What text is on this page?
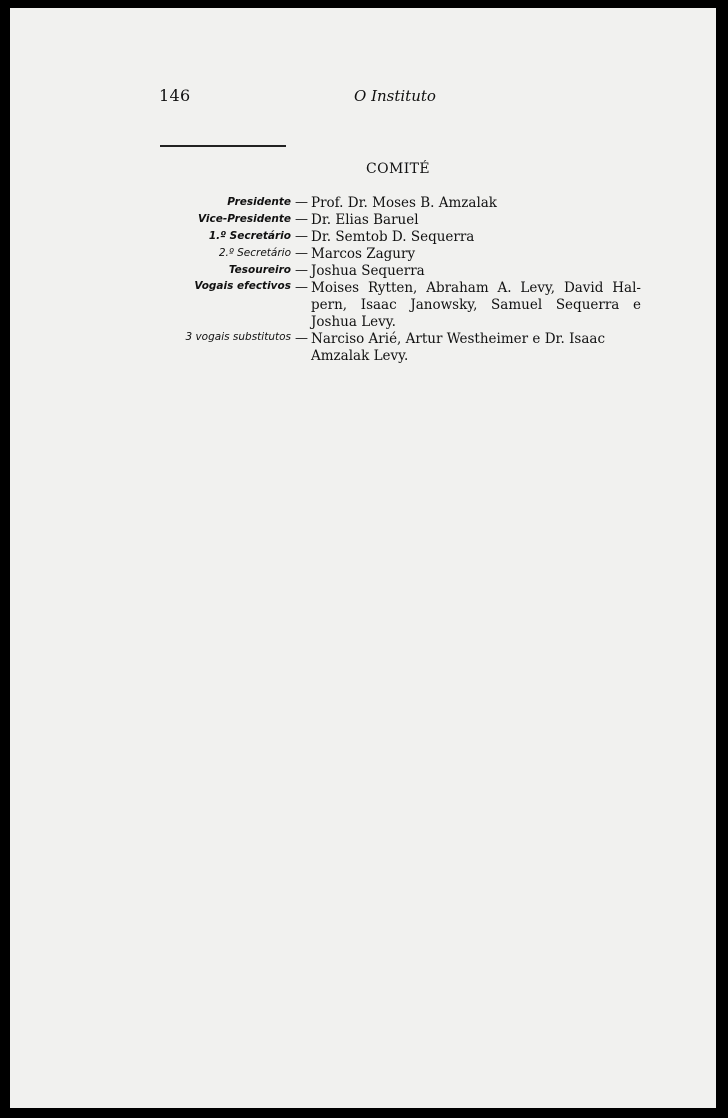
146	O Instituto
COMITÉ
Presidente — Prof. Dr. Moses B. Amzalak
Vice-Presidente — Dr. Elias Baruel
1.º Secretário — Dr. Semtob D. Sequerra
2.º Secretário — Marcos Zagury
Tesoureiro — Joshua Sequerra
Vogais efectivos — Moises Rytten, Abraham A. Levy, David Hal-
pern, Isaac Janowsky, Samuel Sequerra e
Joshua
Levy.
3 vogais substitutos — Narciso
Arié,
Artur
Westheimer
e
Dr.
Isaac
Amzalak
Levy.
